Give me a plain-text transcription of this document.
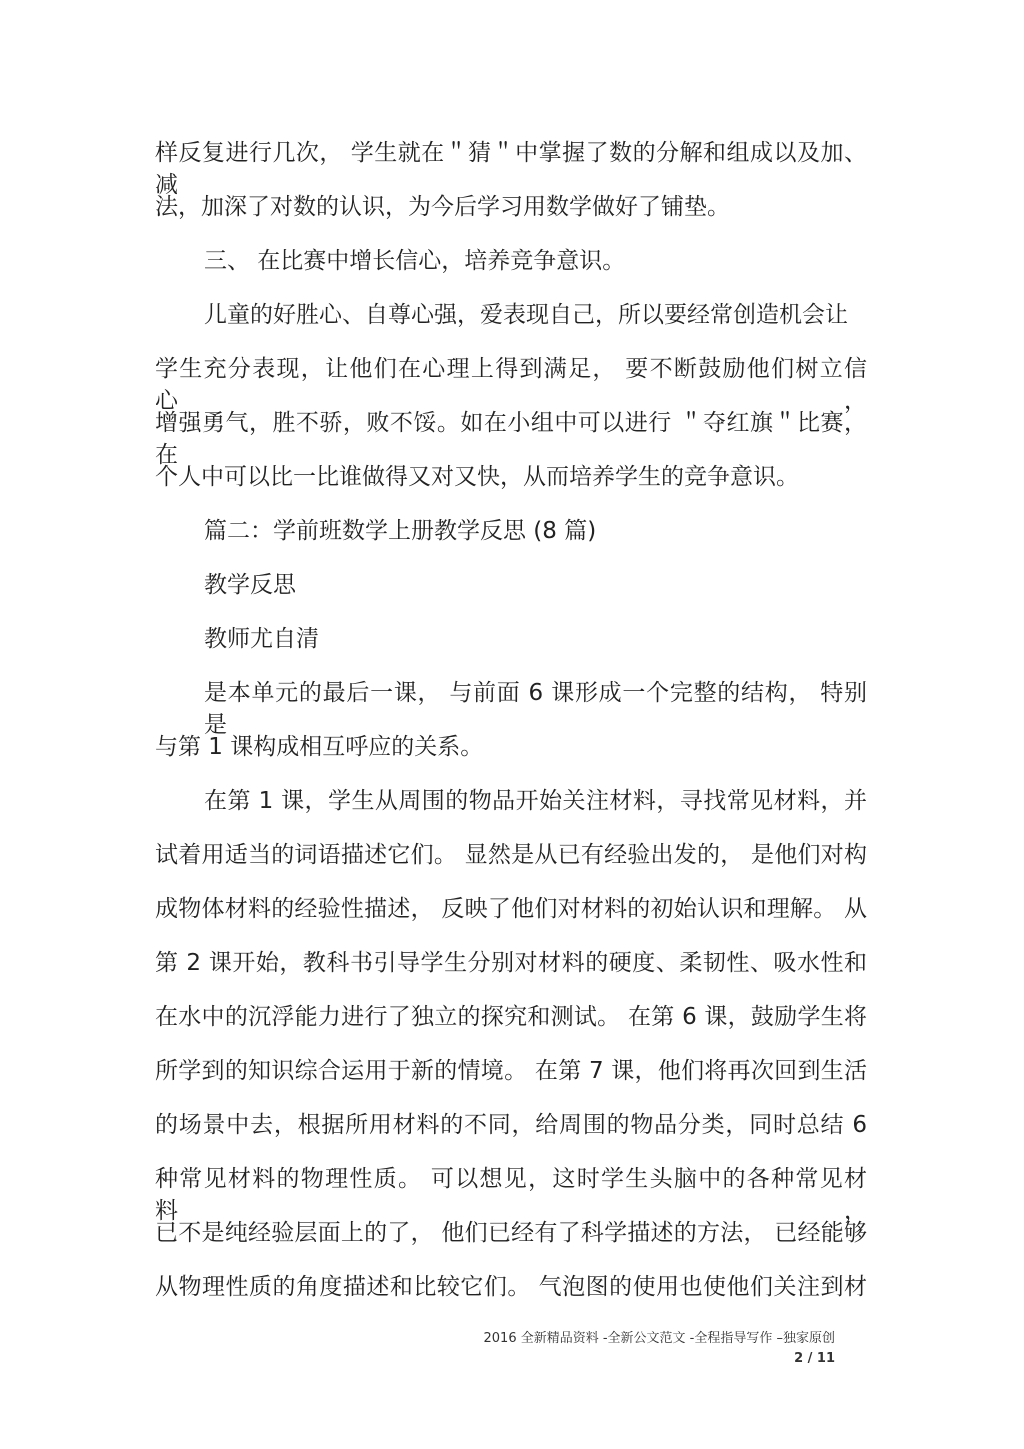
样反复进行几次， 学生就在＂猜＂中掌握了数的分解和组成以及加、 减
法，加深了对数的认识，为今后学习用数学做好了铺垫。
三、 在比赛中增长信心，培养竞争意识。
儿童的好胜心、自尊心强，爱表现自己，所以要经常创造机会让
学生充分表现，让他们在心理上得到满足， 要不断鼓励他们树立信心，
增强勇气，胜不骄，败不馁。如在小组中可以进行 ＂夺红旗＂比赛，在
个人中可以比一比谁做得又对又快，从而培养学生的竞争意识。
篇二：学前班数学上册教学反思 (8 篇)
教学反思
教师尤自清
是本单元的最后一课， 与前面 6 课形成一个完整的结构， 特别是
与第 1 课构成相互呼应的关系。
在第 1 课，学生从周围的物品开始关注材料，寻找常见材料，并
试着用适当的词语描述它们。 显然是从已有经验出发的， 是他们对构
成物体材料的经验性描述， 反映了他们对材料的初始认识和理解。 从
第 2 课开始，教科书引导学生分别对材料的硬度、柔韧性、吸水性和
在水中的沉浮能力进行了独立的探究和测试。 在第 6 课，鼓励学生将
所学到的知识综合运用于新的情境。 在第 7 课，他们将再次回到生活
的场景中去，根据所用材料的不同，给周围的物品分类，同时总结 6
种常见材料的物理性质。 可以想见，这时学生头脑中的各种常见材料，
已不是纯经验层面上的了， 他们已经有了科学描述的方法， 已经能够
从物理性质的角度描述和比较它们。 气泡图的使用也使他们关注到材
2016 全新精品资料 -全新公文范文 -全程指导写作 –独家原创
2 / 11
